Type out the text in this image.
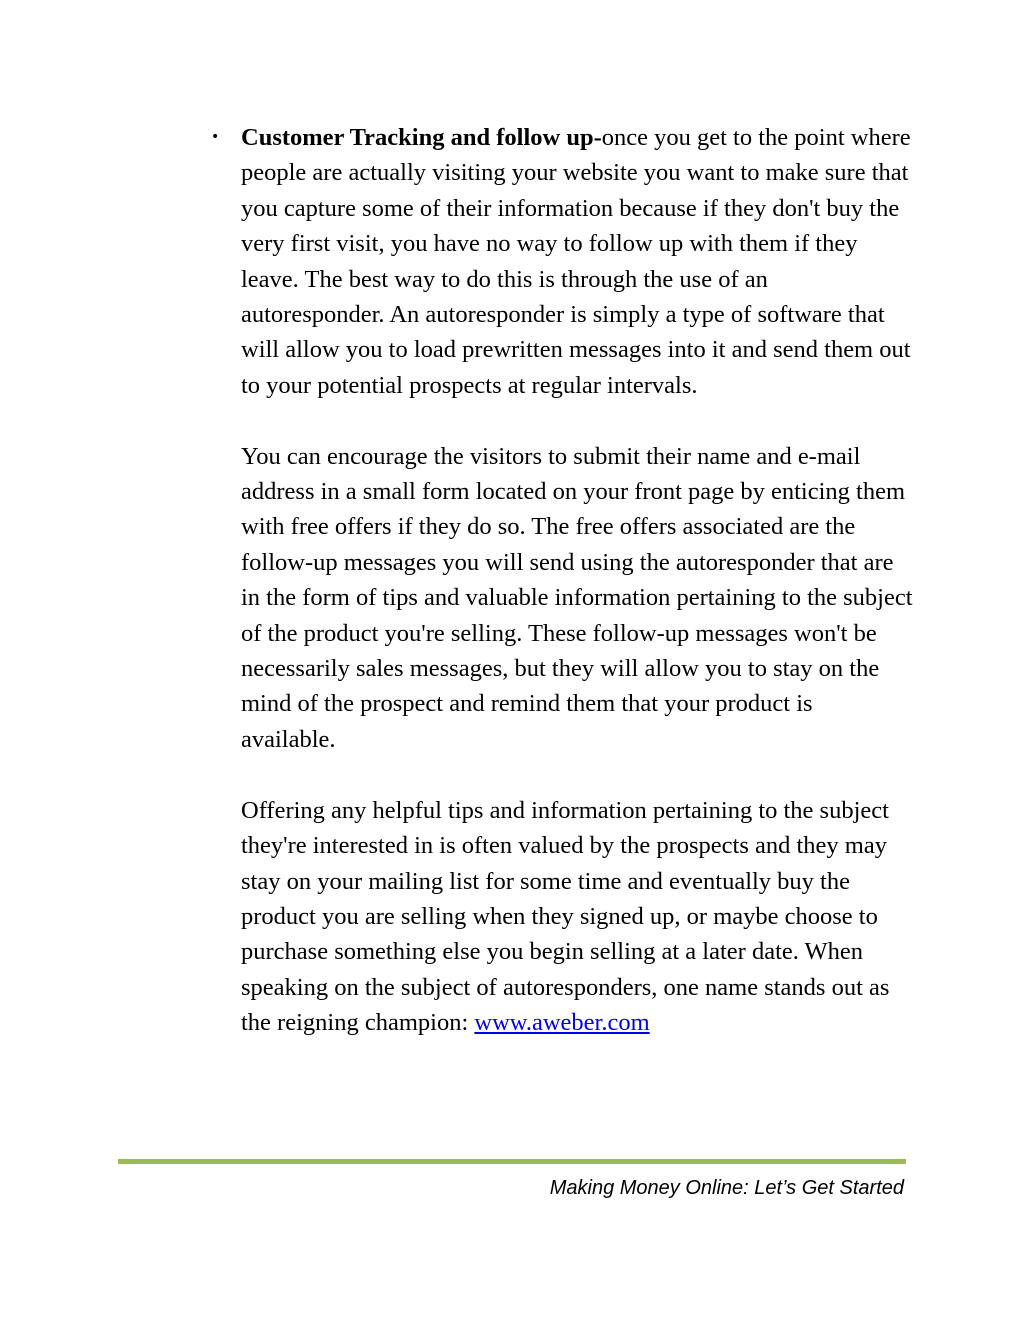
• Customer Tracking and follow up-once you get to the point where people are actually visiting your website you want to make sure that you capture some of their information because if they don't buy the very first visit, you have no way to follow up with them if they leave. The best way to do this is through the use of an autoresponder. An autoresponder is simply a type of software that will allow you to load prewritten messages into it and send them out to your potential prospects at regular intervals.

You can encourage the visitors to submit their name and e-mail address in a small form located on your front page by enticing them with free offers if they do so. The free offers associated are the follow-up messages you will send using the autoresponder that are in the form of tips and valuable information pertaining to the subject of the product you're selling. These follow-up messages won't be necessarily sales messages, but they will allow you to stay on the mind of the prospect and remind them that your product is available.

Offering any helpful tips and information pertaining to the subject they're interested in is often valued by the prospects and they may stay on your mailing list for some time and eventually buy the product you are selling when they signed up, or maybe choose to purchase something else you begin selling at a later date. When speaking on the subject of autoresponders, one name stands out as the reigning champion: www.aweber.com

Making Money Online: Let’s Get Started
